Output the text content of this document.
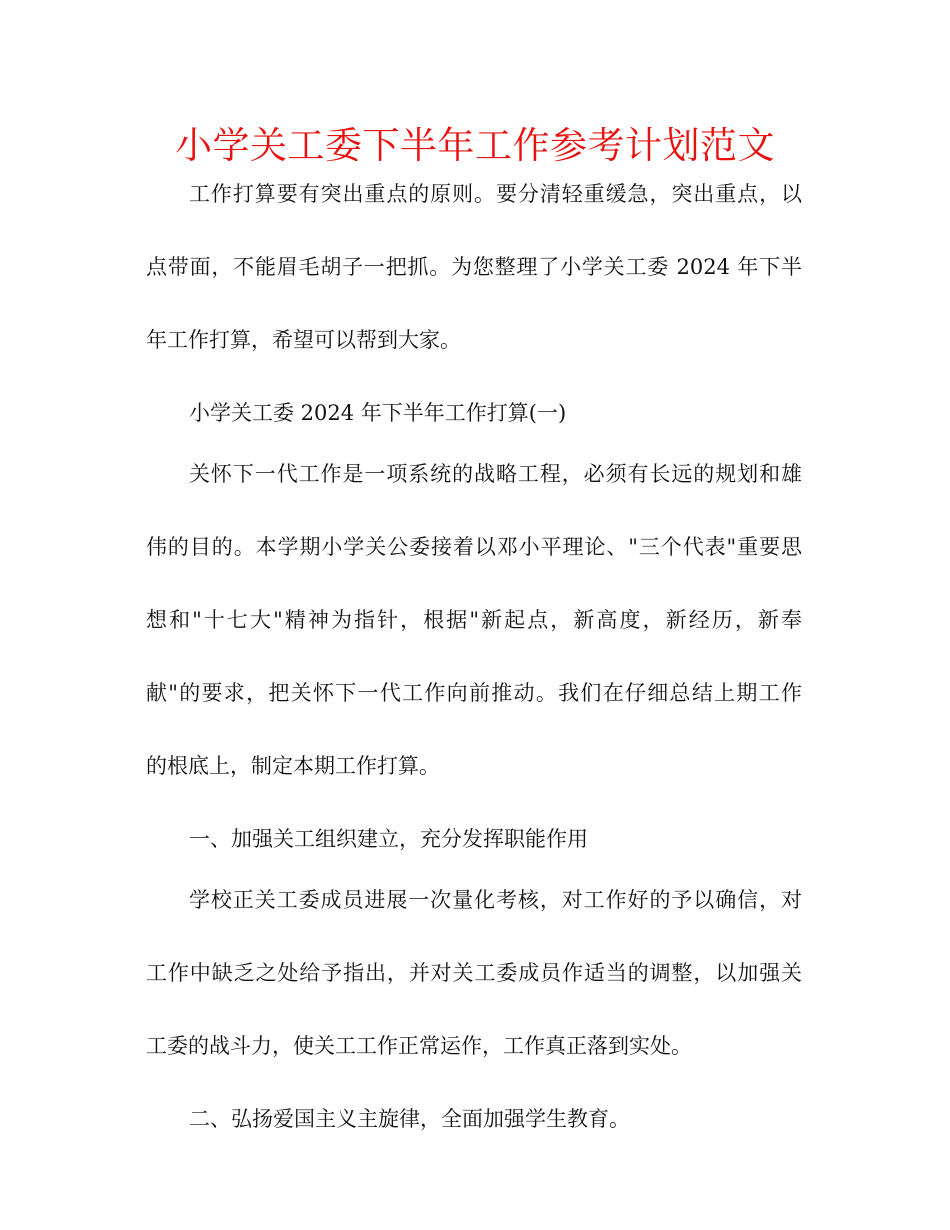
小学关工委下半年工作参考计划范文
工作打算要有突出重点的原则。要分清轻重缓急，突出重点，以
点带面，不能眉毛胡子一把抓。为您整理了小学关工委 2024 年下半
年工作打算，希望可以帮到大家。
小学关工委 2024 年下半年工作打算(一)
关怀下一代工作是一项系统的战略工程，必须有长远的规划和雄
伟的目的。本学期小学关公委接着以邓小平理论、"三个代表"重要思
想和"十七大"精神为指针，根据"新起点，新高度，新经历，新奉
献"的要求，把关怀下一代工作向前推动。我们在仔细总结上期工作
的根底上，制定本期工作打算。
一、加强关工组织建立，充分发挥职能作用
学校正关工委成员进展一次量化考核，对工作好的予以确信，对
工作中缺乏之处给予指出，并对关工委成员作适当的调整，以加强关
工委的战斗力，使关工工作正常运作，工作真正落到实处。
二、弘扬爱国主义主旋律，全面加强学生教育。
